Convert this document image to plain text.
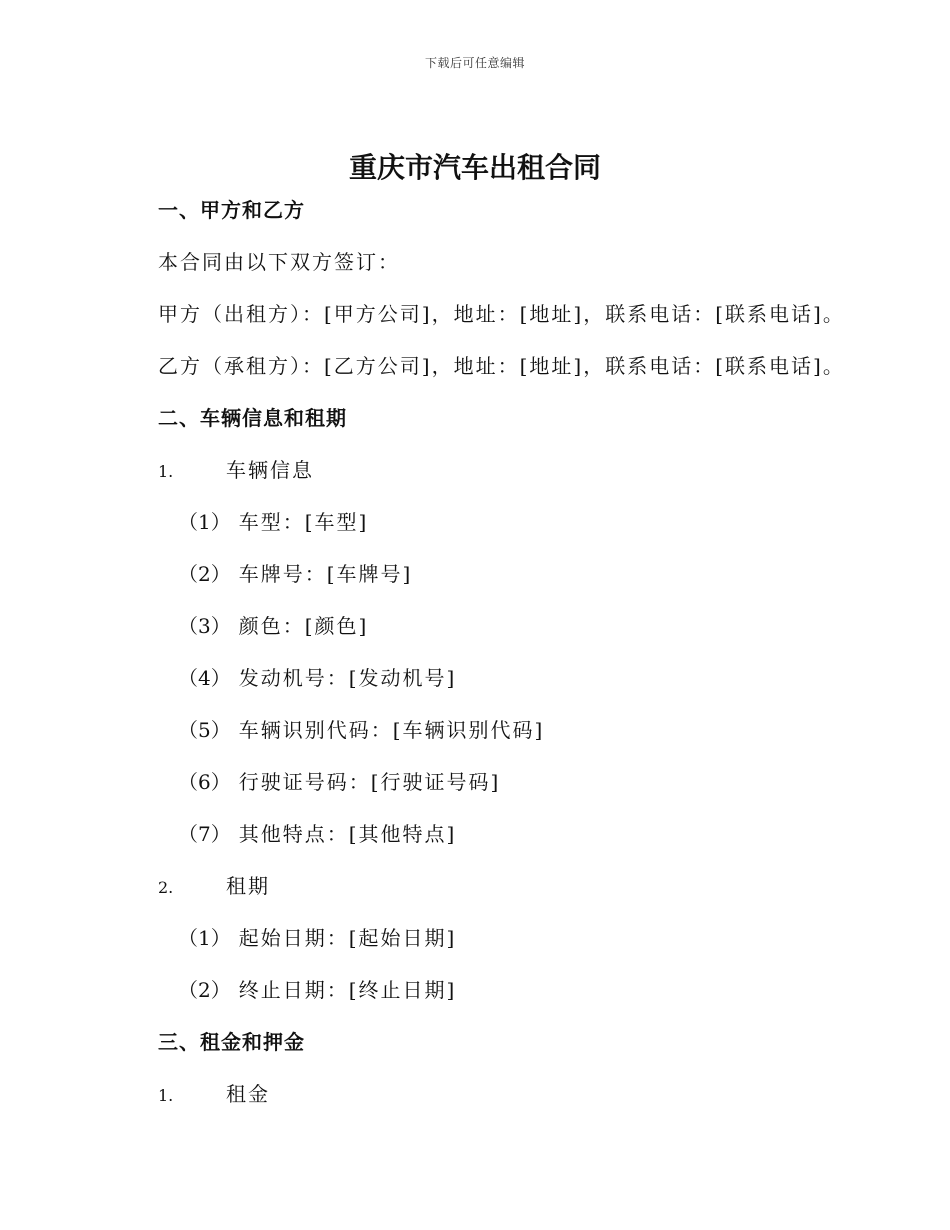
下载后可任意编辑
重庆市汽车出租合同
一、甲方和乙方
本合同由以下双方签订：
甲方（出租方）：[甲方公司]，地址：[地址]，联系电话：[联系电话]。
乙方（承租方）：[乙方公司]，地址：[地址]，联系电话：[联系电话]。
二、车辆信息和租期
1.	车辆信息
（1） 车型：[车型]
（2） 车牌号：[车牌号]
（3） 颜色：[颜色]
（4） 发动机号：[发动机号]
（5） 车辆识别代码：[车辆识别代码]
（6） 行驶证号码：[行驶证号码]
（7） 其他特点：[其他特点]
2.	租期
（1） 起始日期：[起始日期]
（2） 终止日期：[终止日期]
三、租金和押金
1.	租金
